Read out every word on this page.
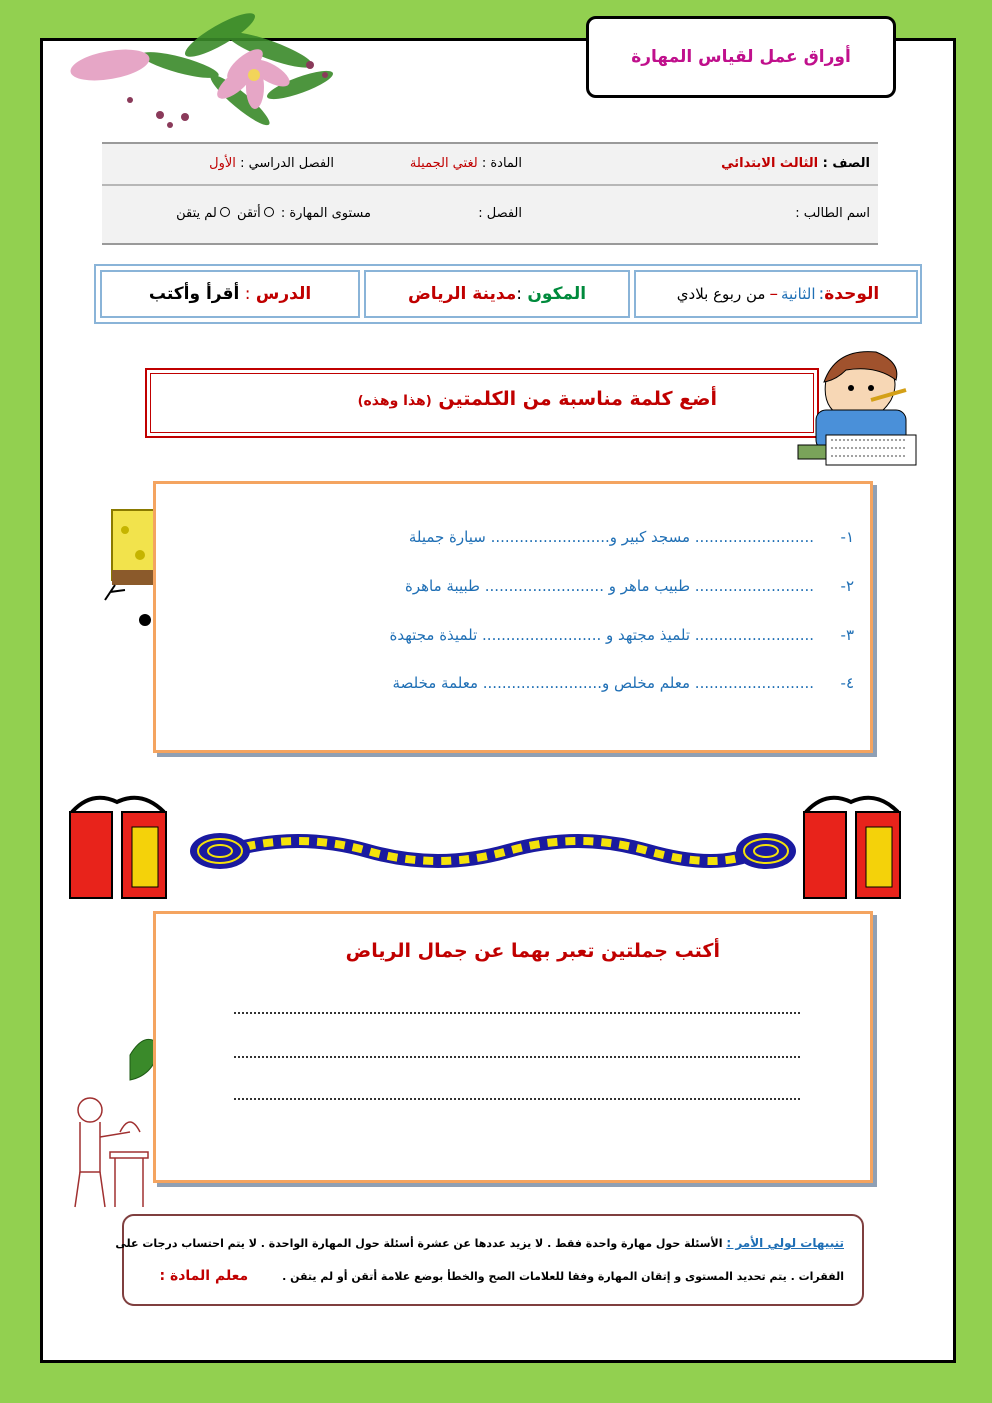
أوراق عمل لقياس المهارة
الصف : الثالث الابتدائي
المادة : لغتي الجميلة
الفصل الدراسي : الأول
اسم الطالب :
الفصل :
مستوى المهارة : أتقن لم يتقن
الوحدة
:
الثانية
–
من ربوع بلادي
المكون
:
مدينة الرياض
الدرس
:
أقرأ وأكتب
أضع كلمة مناسبة من الكلمتين (هذا وهذه)
١-......................... مسجد كبير و......................... سيارة جميلة
٢-......................... طبيب ماهر و ......................... طبيبة ماهرة
٣-......................... تلميذ مجتهد و ......................... تلميذة مجتهدة
٤-......................... معلم مخلص و......................... معلمة مخلصة
أكتب جملتين تعبر بهما عن جمال الرياض
تنبيهات لولي الأمر : الأسئلة حول مهارة واحدة فقط . لا يزيد عددها عن عشرة أسئلة حول المهارة الواحدة . لا يتم احتساب درجات على
الفقرات . يتم تحديد المستوى و إتقان المهارة وفقا للعلامات الصح والخطأ بوضع علامة أتقن أو لم يتقن . معلم المادة :
